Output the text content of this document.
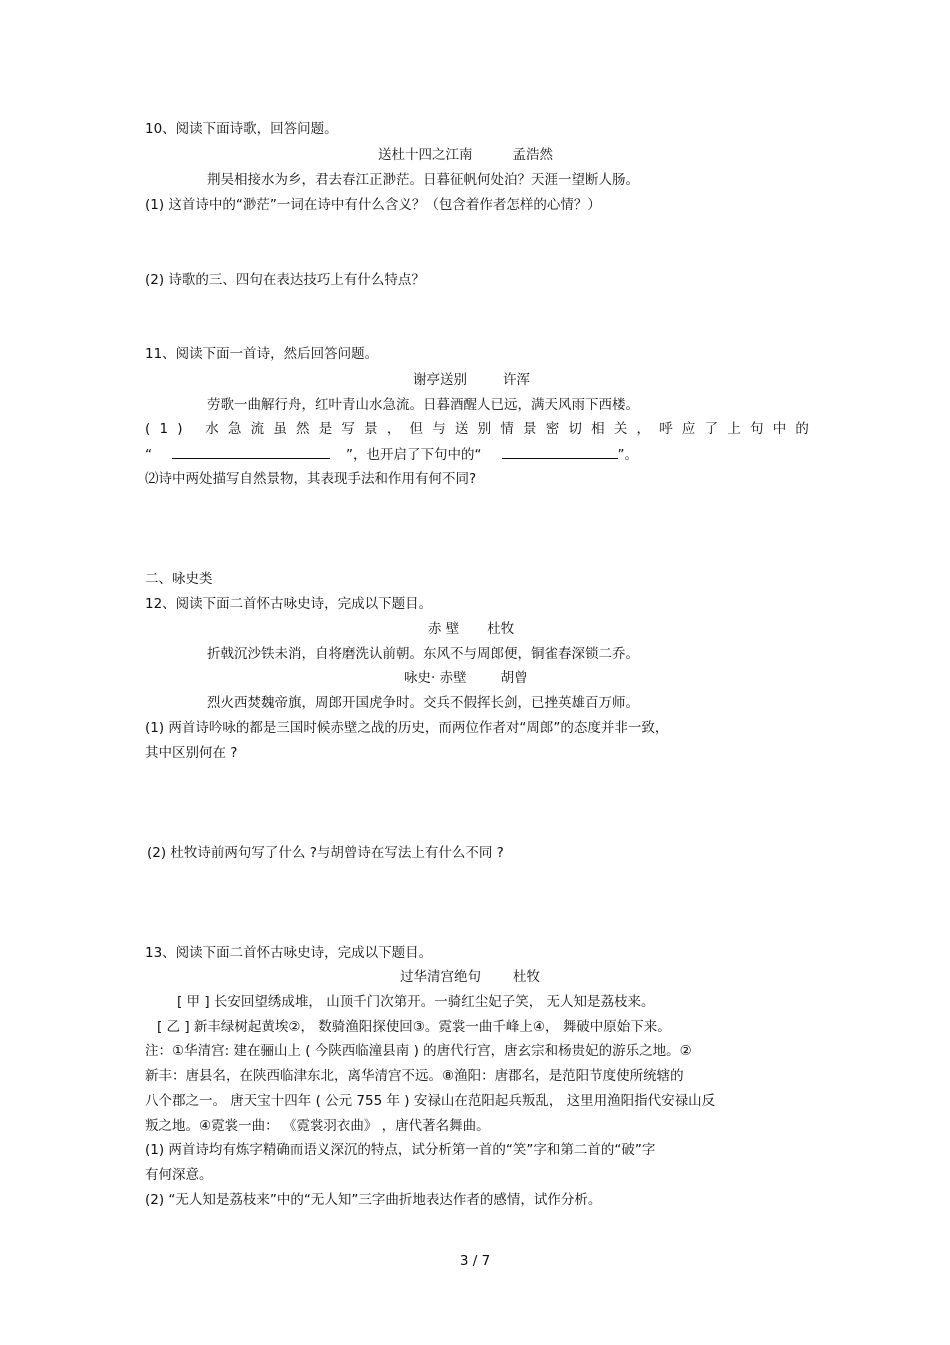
10、阅读下面诗歌，回答问题。
送杜十四之江南	孟浩然
荆吴相接水为乡，君去春江正渺茫。日暮征帆何处泊？天涯一望断人肠。
(1) 这首诗中的“渺茫”一词在诗中有什么含义？（包含着作者怎样的心情？）
(2) 诗歌的三、四句在表达技巧上有什么特点？
11、阅读下面一首诗，然后回答问题。
谢亭送别	许浑
劳歌一曲解行舟，红叶青山水急流。日暮酒醒人已远，满天风雨下西楼。
(1) 水急流虽然是写景，但与送别情景密切相关，呼应了上句中的
“	”，也开启了下句中的“	”。
⑵诗中两处描写自然景物，其表现手法和作用有何不同?
二、咏史类
12、阅读下面二首怀古咏史诗，完成以下题目。
赤 壁 杜牧
折戟沉沙铁未消，自将磨洗认前朝。东风不与周郎便，铜雀春深锁二乔。
咏史· 赤壁	胡曾
烈火西焚魏帝旗，周郎开国虎争时。交兵不假挥长剑，已挫英雄百万师。
(1) 两首诗吟咏的都是三国时候赤壁之战的历史，而两位作者对“周郎”的态度并非一致，
其中区别何在 ?
(2) 杜牧诗前两句写了什么 ?与胡曾诗在写法上有什么不同 ?
13、阅读下面二首怀古咏史诗，完成以下题目。
过华清宫绝句 杜牧
[ 甲 ] 长安回望绣成堆， 山顶千门次第开。一骑红尘妃子笑， 无人知是荔枝来。
[ 乙 ] 新丰绿树起黄埃②， 数骑渔阳探使回③。霓裳一曲千峰上④， 舞破中原始下来。
注：①华清宫: 建在骊山上 ( 今陕西临潼县南 ) 的唐代行宫，唐玄宗和杨贵妃的游乐之地。②
新丰：唐县名，在陕西临津东北，离华清宫不远。⑧渔阳：唐郡名，是范阳节度使所统辖的
八个郡之一。 唐天宝十四年 ( 公元 755 年 ) 安禄山在范阳起兵叛乱， 这里用渔阳指代安禄山反
叛之地。④霓裳一曲： 《霓裳羽衣曲》 ，唐代著名舞曲。
(1) 两首诗均有炼字精确而语义深沉的特点，试分析第一首的“笑”字和第二首的“破”字
有何深意。
(2) “无人知是荔枝来”中的“无人知”三字曲折地表达作者的感情，试作分析。
3 / 7
